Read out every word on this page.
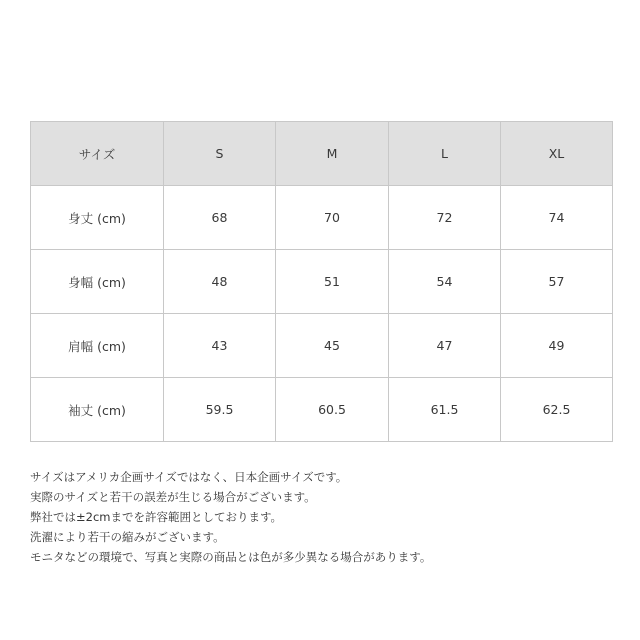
サイズ	S	M	L	XL
身丈 (cm)	68	70	72	74
身幅 (cm)	48	51	54	57
肩幅 (cm)	43	45	47	49
袖丈 (cm)	59.5	60.5	61.5	62.5
サイズはアメリカ企画サイズではなく、日本企画サイズです。
実際のサイズと若干の誤差が生じる場合がございます。
弊社では±2cmまでを許容範囲としております。
洗濯により若干の縮みがございます。
モニタなどの環境で、写真と実際の商品とは色が多少異なる場合があります。
